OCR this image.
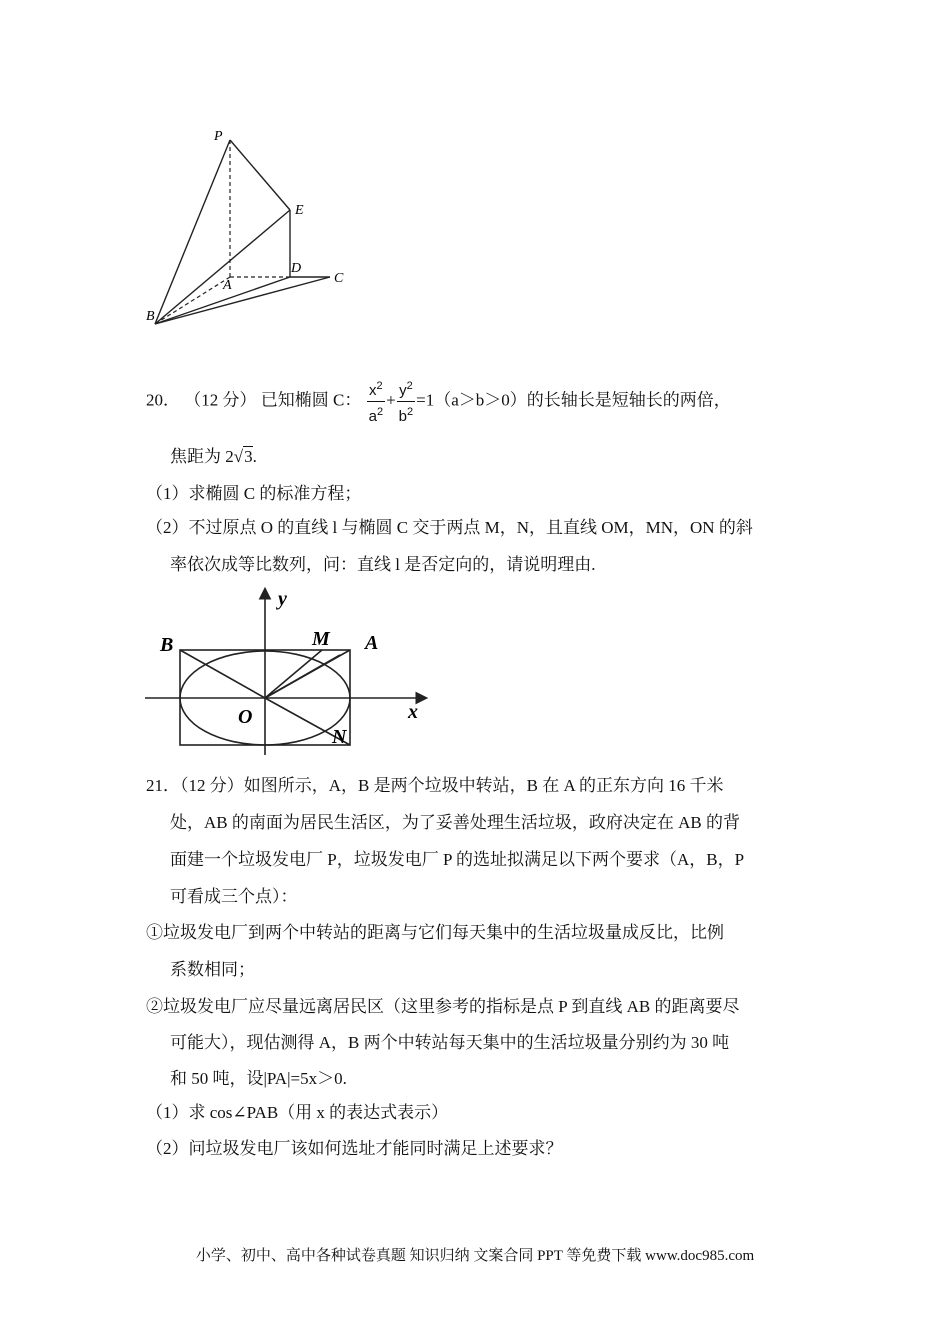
P
E
D
A	C
B
20． （12 分） 已知椭圆 C： $\frac{x^2}{a^2} + \frac{y^2}{b^2} =1(a>b>0)$的长轴长是短轴长的两倍，
焦距为 2√3.
（1）求椭圆 C 的标准方程；
（2）不过原点 O 的直线 l 与椭圆 C 交于两点 M，N，且直线 OM，MN，ON 的斜
率依次成等比数列，问：直线 l 是否定向的，请说明理由.
y
x
B	M A
O
N
21．（12 分）如图所示，A，B 是两个垃圾中转站，B 在 A 的正东方向 16 千米
处，AB 的南面为居民生活区，为了妥善处理生活垃圾，政府决定在 AB 的背
面建一个垃圾发电厂 P，垃圾发电厂 P 的选址拟满足以下两个要求（A，B，P
可看成三个点）：
①垃圾发电厂到两个中转站的距离与它们每天集中的生活垃圾量成反比，比例
系数相同；
②垃圾发电厂应尽量远离居民区（这里参考的指标是点 P 到直线 AB 的距离要尽
可能大），现估测得 A，B 两个中转站每天集中的生活垃圾量分别约为 30 吨
和 50 吨，设|PA|=5x＞0.
（1）求 cos∠PAB（用 x 的表达式表示）
（2）问垃圾发电厂该如何选址才能同时满足上述要求？
小学、初中、高中各种试卷真题 知识归纳 文案合同 PPT 等免费下载 www.doc985.com
